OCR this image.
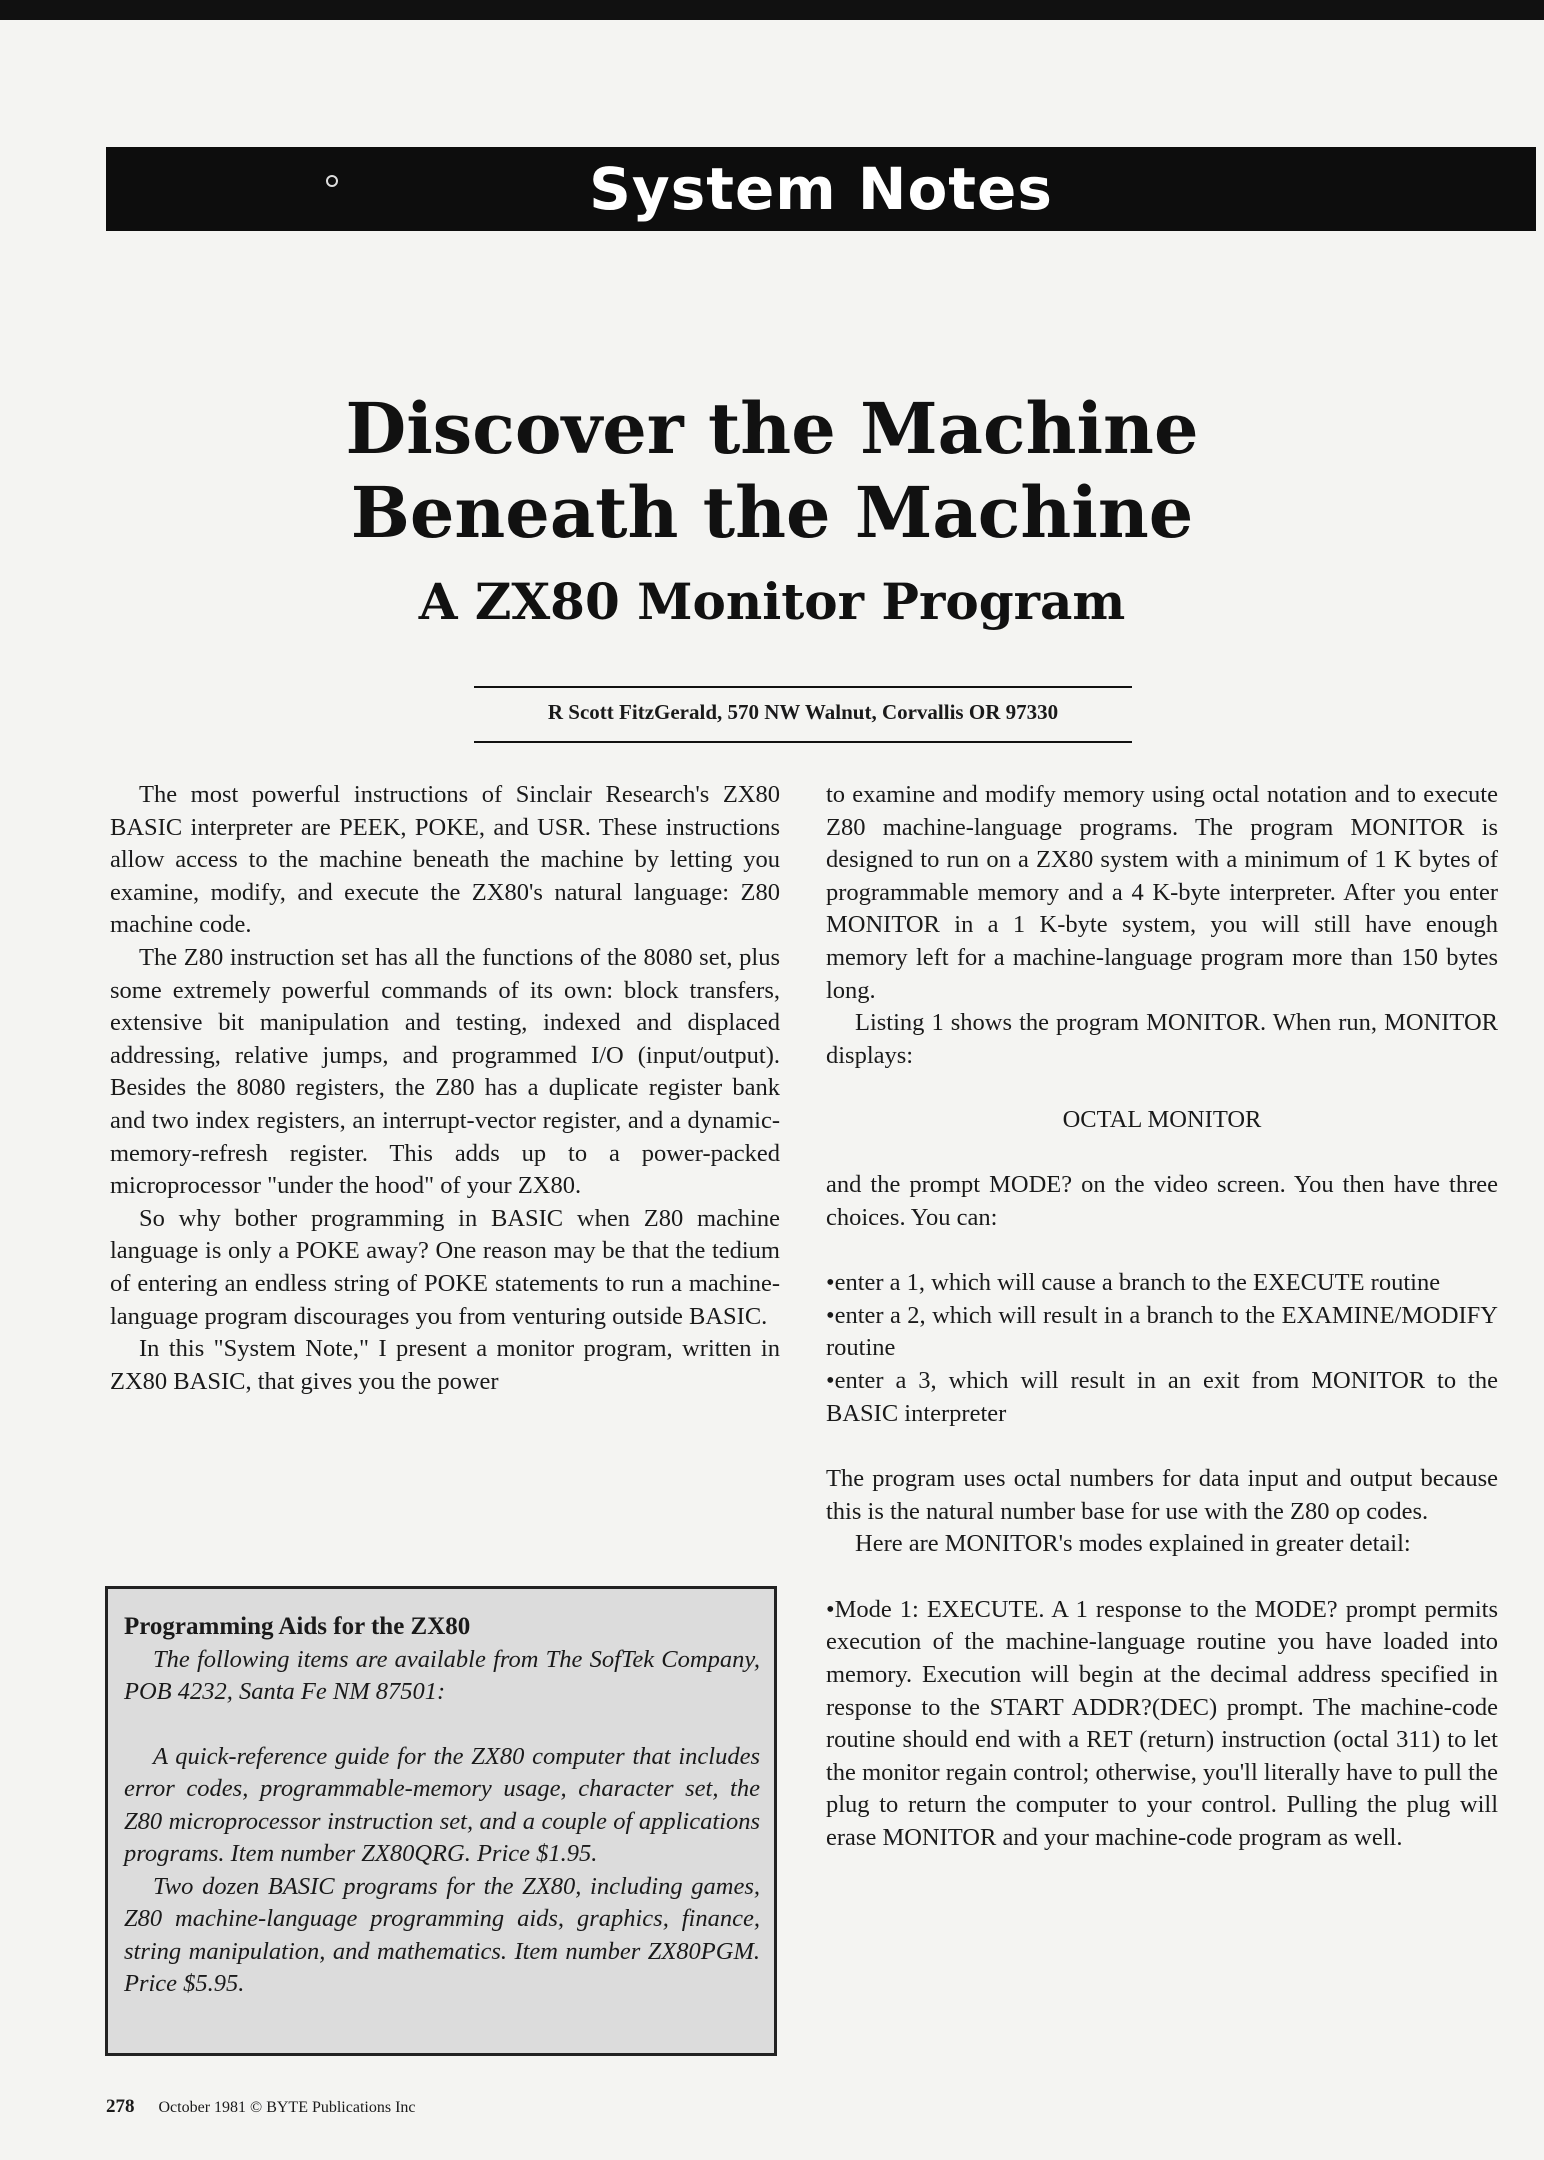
System Notes
Discover the Machine
Beneath the Machine
A ZX80 Monitor Program
R Scott FitzGerald, 570 NW Walnut, Corvallis OR 97330

The most powerful instructions of Sinclair Research's ZX80 BASIC interpreter are PEEK, POKE, and USR. These instructions allow access to the machine beneath the machine by letting you examine, modify, and execute the ZX80's natural language: Z80 machine code.

The Z80 instruction set has all the functions of the 8080 set, plus some extremely powerful commands of its own: block transfers, extensive bit manipulation and testing, indexed and displaced addressing, relative jumps, and programmed I/O (input/output). Besides the 8080 registers, the Z80 has a duplicate register bank and two index registers, an interrupt-vector register, and a dynamic-memory-refresh register. This adds up to a power-packed microprocessor "under the hood" of your ZX80.

So why bother programming in BASIC when Z80 machine language is only a POKE away? One reason may be that the tedium of entering an endless string of POKE statements to run a machine-language program discourages you from venturing outside BASIC.

In this "System Note," I present a monitor program, written in ZX80 BASIC, that gives you the power

to examine and modify memory using octal notation and to execute Z80 machine-language programs. The program MONITOR is designed to run on a ZX80 system with a minimum of 1 K bytes of programmable memory and a 4 K-byte interpreter. After you enter MONITOR in a 1 K-byte system, you will still have enough memory left for a machine-language program more than 150 bytes long.

Listing 1 shows the program MONITOR. When run, MONITOR displays:

OCTAL MONITOR

and the prompt MODE? on the video screen. You then have three choices. You can:

•enter a 1, which will cause a branch to the EXECUTE routine

•enter a 2, which will result in a branch to the EXAMINE/MODIFY routine

•enter a 3, which will result in an exit from MONITOR to the BASIC interpreter

The program uses octal numbers for data input and output because this is the natural number base for use with the Z80 op codes.

Here are MONITOR's modes explained in greater detail:

•Mode 1: EXECUTE. A 1 response to the MODE? prompt permits execution of the machine-language routine you have loaded into memory. Execution will begin at the decimal address specified in response to the START ADDR?(DEC) prompt. The machine-code routine should end with a RET (return) instruction (octal 311) to let the monitor regain control; otherwise, you'll literally have to pull the plug to return the computer to your control. Pulling the plug will erase MONITOR and your machine-code program as well.

Programming Aids for the ZX80

The following items are available from The SofTek Company, POB 4232, Santa Fe NM 87501:

A quick-reference guide for the ZX80 computer that includes error codes, programmable-memory usage, character set, the Z80 microprocessor instruction set, and a couple of applications programs. Item number ZX80QRG. Price $1.95.

Two dozen BASIC programs for the ZX80, including games, Z80 machine-language programming aids, graphics, finance, string manipulation, and mathematics. Item number ZX80PGM. Price $5.95.

278 October 1981 © BYTE Publications Inc
